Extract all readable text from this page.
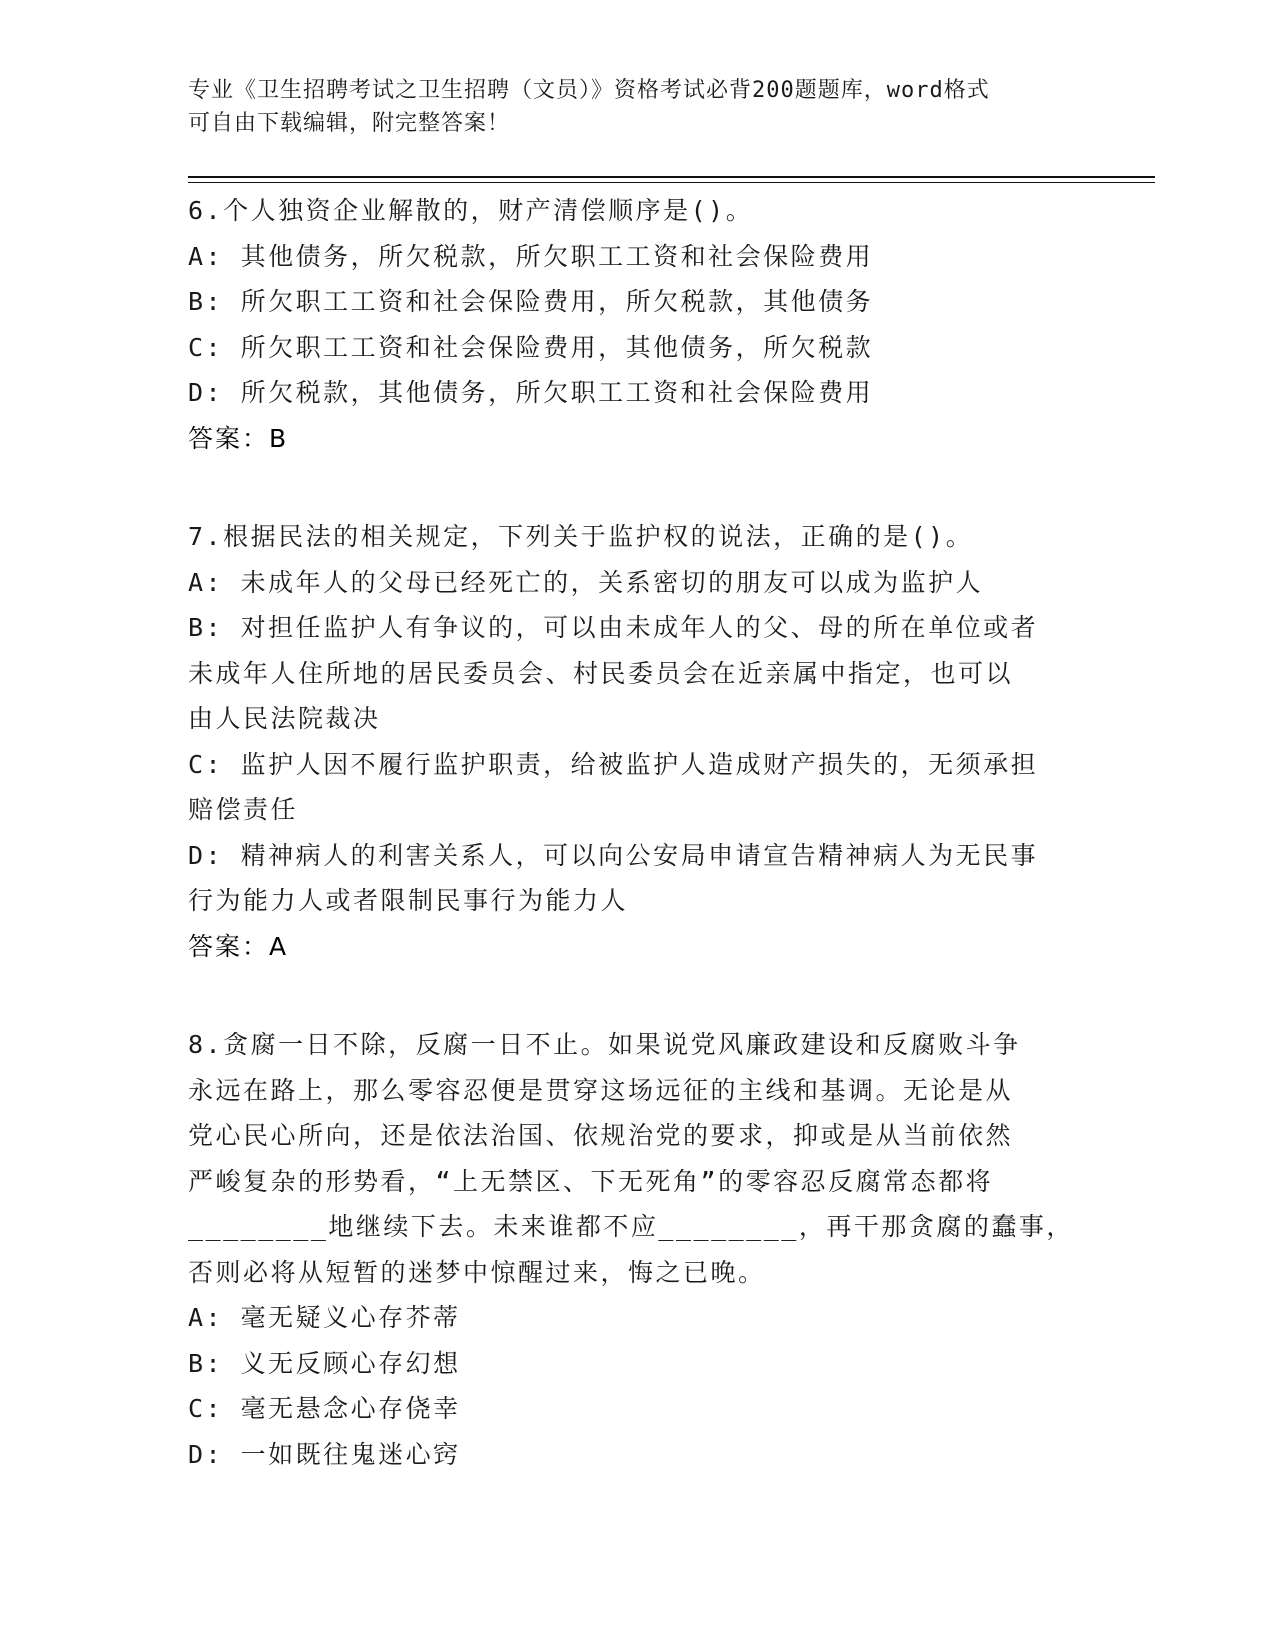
专业《卫生招聘考试之卫生招聘（文员）》资格考试必背200题题库，word格式
可自由下载编辑，附完整答案！
6.个人独资企业解散的，财产清偿顺序是()。
A: 其他债务，所欠税款，所欠职工工资和社会保险费用
B: 所欠职工工资和社会保险费用，所欠税款，其他债务
C: 所欠职工工资和社会保险费用，其他债务，所欠税款
D: 所欠税款，其他债务，所欠职工工资和社会保险费用
答案：B
7.根据民法的相关规定，下列关于监护权的说法，正确的是()。
A: 未成年人的父母已经死亡的，关系密切的朋友可以成为监护人
B: 对担任监护人有争议的，可以由未成年人的父、母的所在单位或者
未成年人住所地的居民委员会、村民委员会在近亲属中指定，也可以
由人民法院裁决
C: 监护人因不履行监护职责，给被监护人造成财产损失的，无须承担
赔偿责任
D: 精神病人的利害关系人，可以向公安局申请宣告精神病人为无民事
行为能力人或者限制民事行为能力人
答案：A
8.贪腐一日不除，反腐一日不止。如果说党风廉政建设和反腐败斗争
永远在路上，那么零容忍便是贯穿这场远征的主线和基调。无论是从
党心民心所向，还是依法治国、依规治党的要求，抑或是从当前依然
严峻复杂的形势看，“上无禁区、下无死角”的零容忍反腐常态都将
________地继续下去。未来谁都不应________，再干那贪腐的蠢事，
否则必将从短暂的迷梦中惊醒过来，悔之已晚。
A: 毫无疑义心存芥蒂
B: 义无反顾心存幻想
C: 毫无悬念心存侥幸
D: 一如既往鬼迷心窍
